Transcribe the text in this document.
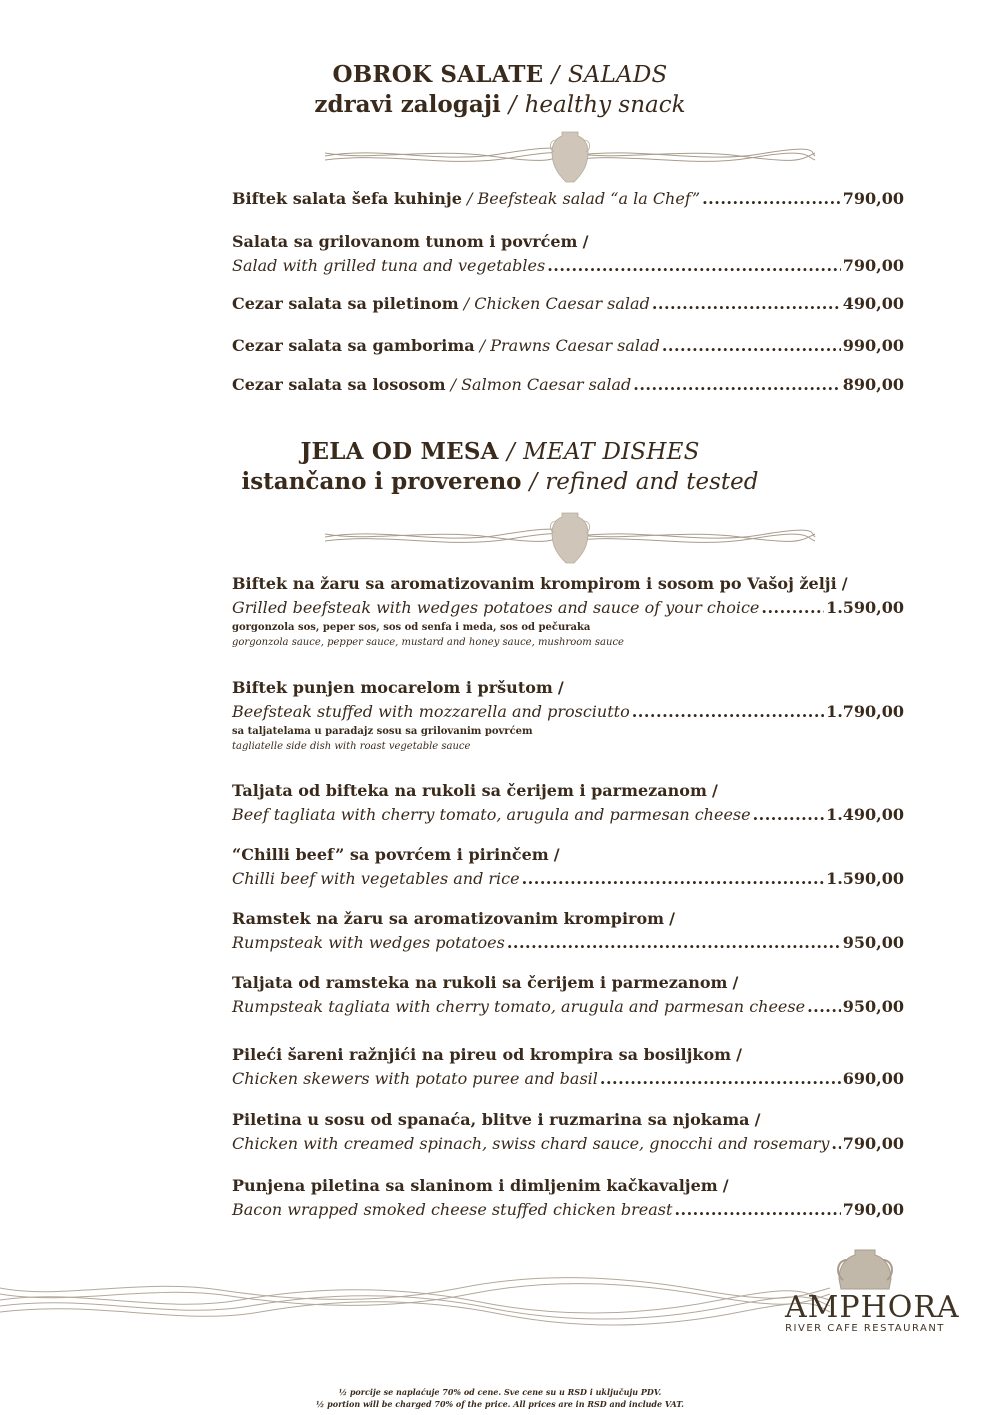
OBROK SALATE / SALADS
zdravi zalogaji / healthy snack
Biftek salata šefa kuhinje
/
Beefsteak salad “a la Chef” .....	790,00
Salata sa grilovanom tunom i povrćem
/
Salad with grilled tuna and vegetables .....	790,00
Cezar salata sa piletinom
/
Chicken Caesar salad .....	490,00
Cezar salata sa gamborima
/
Prawns Caesar salad .....	990,00
Cezar salata sa lososom
/
Salmon Caesar salad .....	890,00
JELA OD MESA / MEAT DISHES
istančano i provereno / refined and tested
Biftek na žaru sa aromatizovanim krompirom i sosom po Vašoj želji
/
Grilled beefsteak with wedges potatoes and sauce of your choice .....	1.590,00
gorgonzola sos, peper sos, sos od senfa i meda, sos od pečuraka
gorgonzola sauce, pepper sauce, mustard and honey sauce, mushroom sauce
Biftek punjen mocarelom i pršutom
/
Beefsteak stuffed with mozzarella and prosciutto .....	1.790,00
sa taljatelama u paradajz sosu sa grilovanim povrćem
tagliatelle side dish with roast vegetable sauce
Taljata od bifteka na rukoli sa čerijem i parmezanom
/
Beef tagliata with cherry tomato, arugula and parmesan cheese .....	1.490,00
“Chilli beef” sa povrćem i pirinčem
/
Chilli beef with vegetables and rice .....	1.590,00
Ramstek na žaru sa aromatizovanim krompirom
/
Rumpsteak with wedges potatoes .....	950,00
Taljata od ramsteka na rukoli sa čerijem i parmezanom
/
Rumpsteak tagliata with cherry tomato, arugula and parmesan cheese ..... 950,00
Pileći šareni ražnjići na pireu od krompira sa bosiljkom
/
Chicken skewers with potato puree and basil .....	690,00
Piletina u sosu od spanaća, blitve i ruzmarina sa njokama
/
Chicken with creamed spinach, swiss chard sauce, gnocchi and rosemary ..... 790,00
Punjena piletina sa slaninom i dimljenim kačkavaljem
/
Bacon wrapped smoked cheese stuffed chicken breast .....	790,00
AMPHORA
RIVER CAFE RESTAURANT
½ porcije se naplaćuje 70% od cene. Sve cene su u RSD i uključuju PDV.
½ portion will be charged 70% of the price. All prices are in RSD and include VAT.
